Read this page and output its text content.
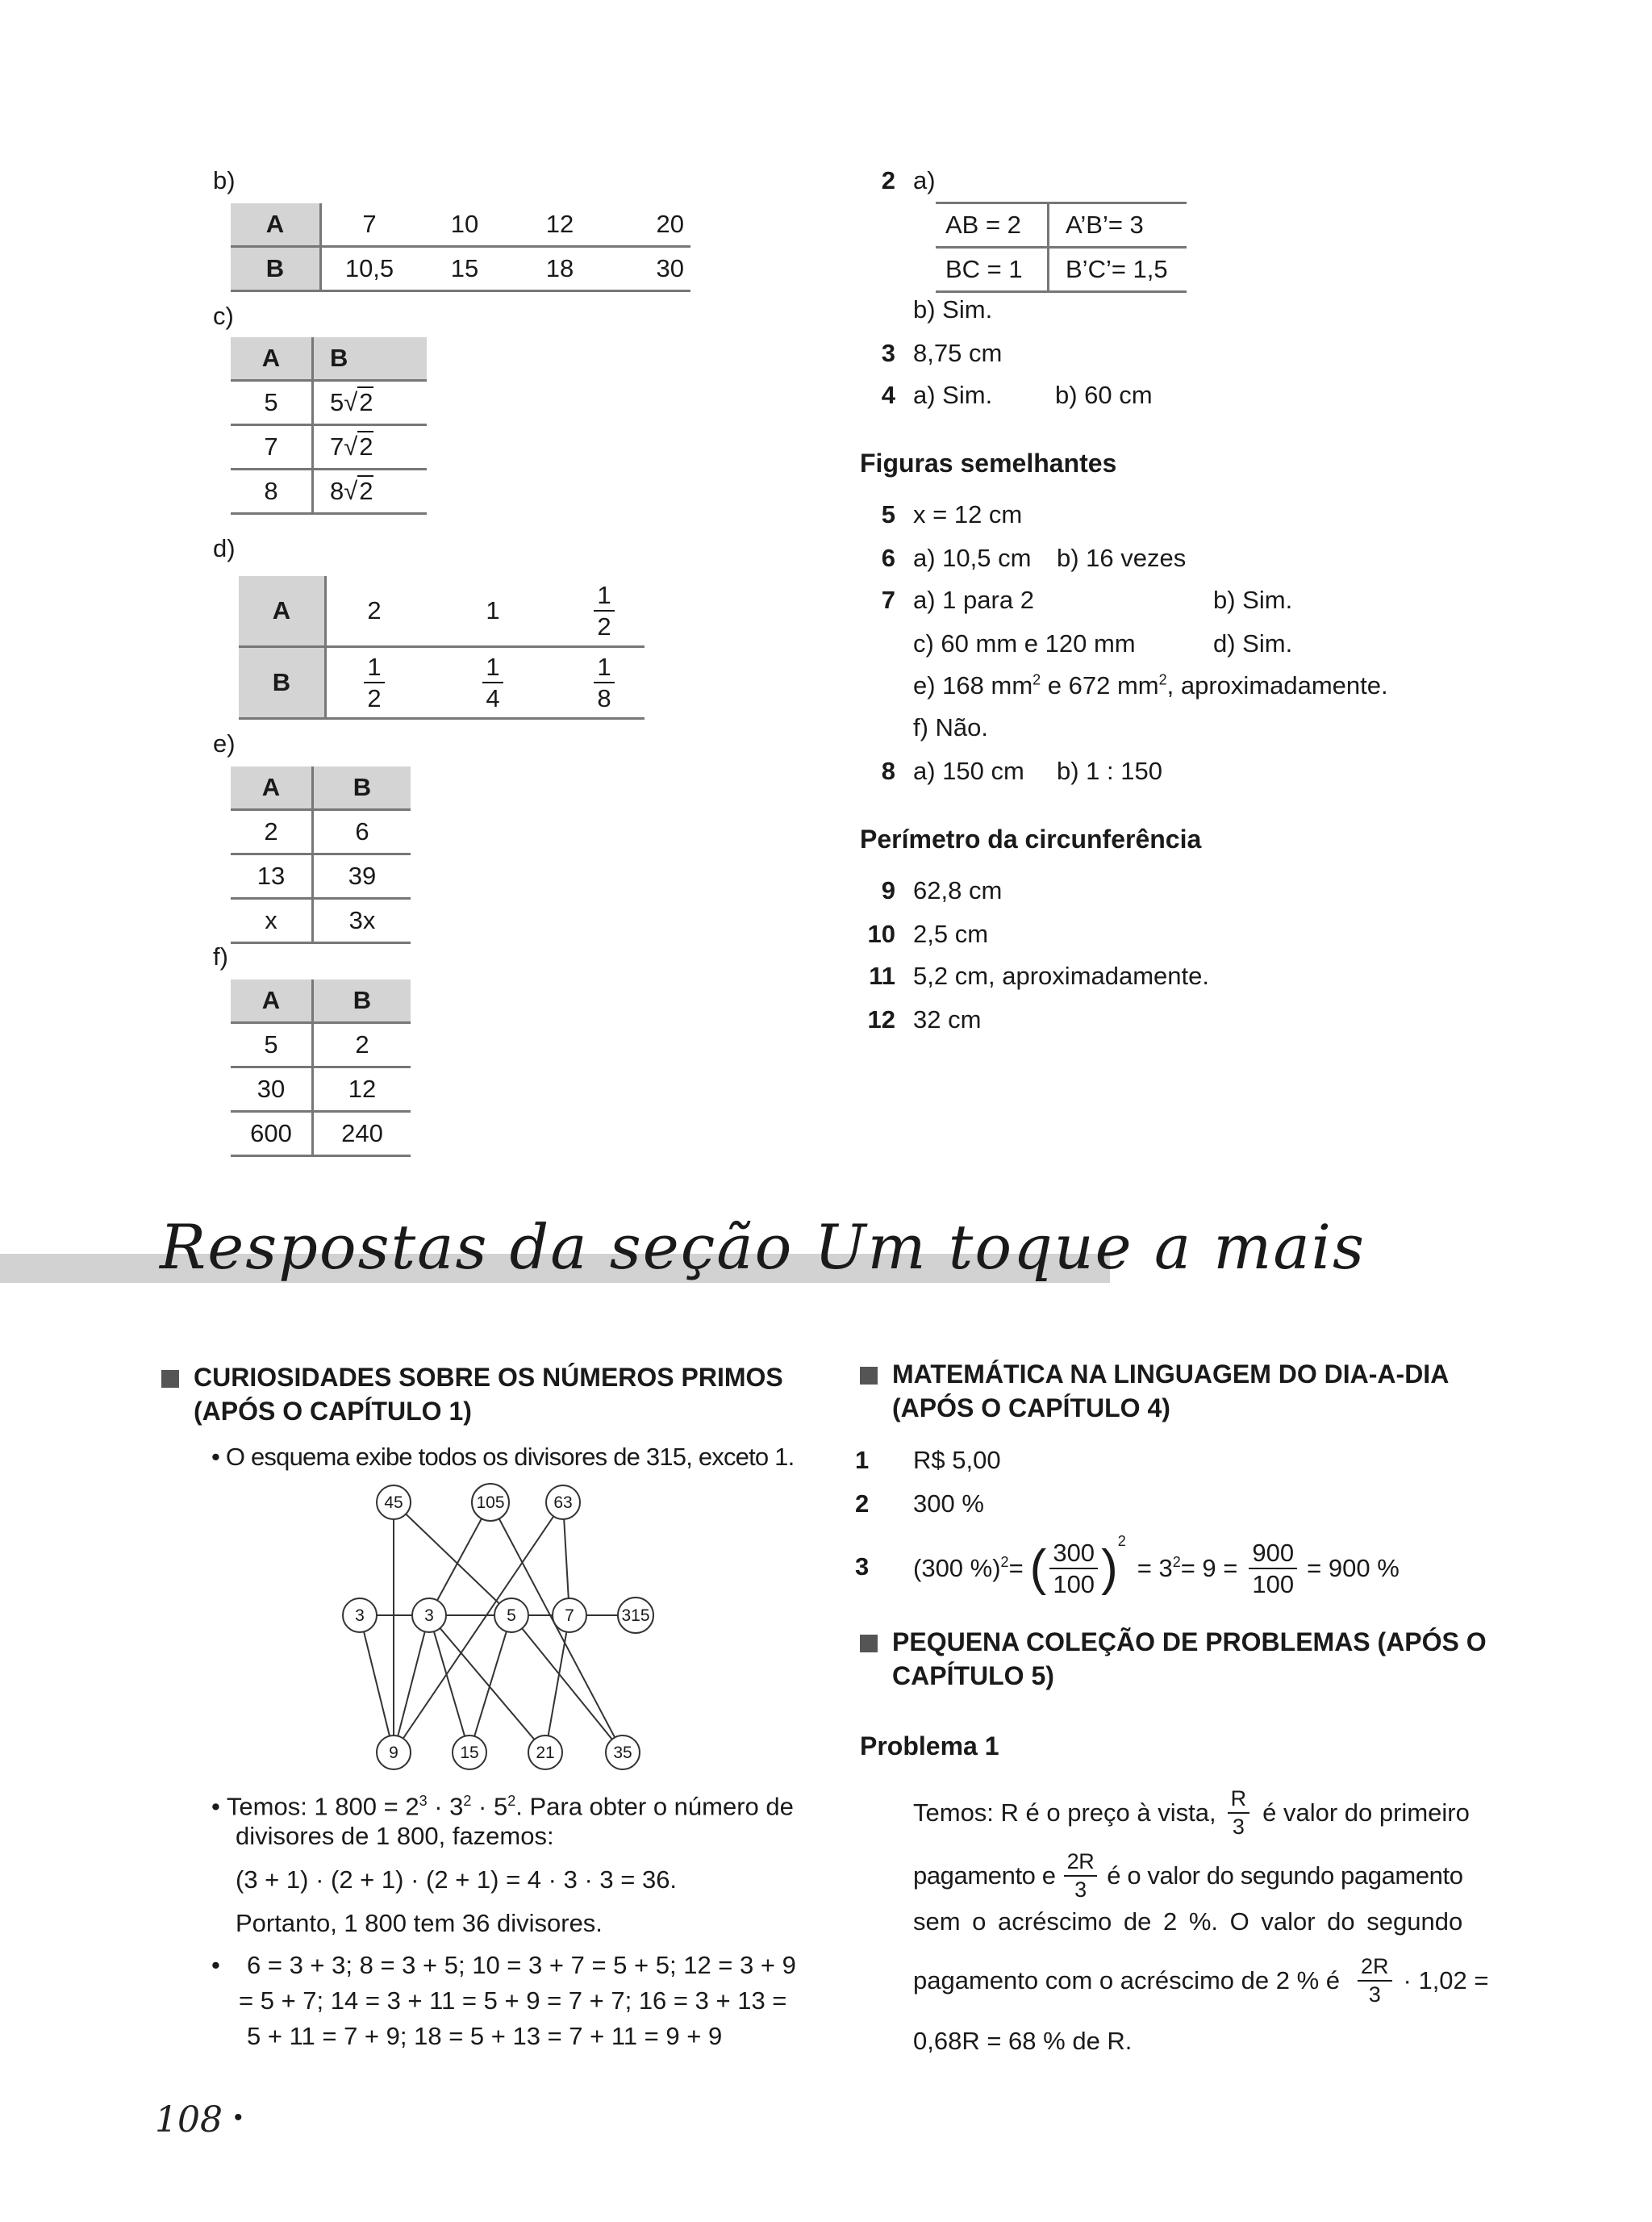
b)
A	7	10	12	20
B	10,5	15	18	30
c)
A	B
5	5√2
7	7√2
8	8√2
d)
A	2	1	$\frac{1}{2}$

B	$\frac{1}{2}$	$\frac{1}{4}$	$\frac{1}{8}$
e)
A	B
2	6
13	39
x	3x
f)
A	B
5	2
30	12
600	240
2 a)
AB = 2	A’B’= 3
BC = 1	B’C’= 1,5
b) Sim.
3 8,75 cm
4 a) Sim.	b) 60 cm
Figuras semelhantes
5 x = 12 cm
6 a) 10,5 cm b) 16 vezes
7 a) 1 para 2	b) Sim.
c) 60 mm e 120 mm	d) Sim.
e) 168 $mm^2$ e 672 $mm^2$, aproximadamente.
f) Não.
8 a) 150 cm b) 1 : 150
Perímetro da circunferência
9 62,8 cm
10 2,5 cm
11 5,2 cm, aproximadamente.
12 32 cm
Respostas da seção Um toque a mais
CURIOSIDADES SOBRE OS NÚMEROS PRIMOS
(APÓS O CAPÍTULO 1)
• O esquema exibe todos os divisores de 315, exceto 1.
45	105	63
3	3	5	7	315
9	15	21	35
• Temos: 1 $800 = 2^3 \cdot 3^2 \cdot 5^2$. Para obter o número de
divisores de 1 800, fazemos:
(3 + 1) · (2 + 1) · (2 + 1) = 4 · 3 · 3 = 36.
Portanto, 1 800 tem 36 divisores.
• 6 = 3 + 3; 8 = 3 + 5; 10 = 3 + 7 = 5 + 5; 12 = 3 + 9
= 5 + 7; 14 = 3 + 11 = 5 + 9 = 7 + 7; 16 = 3 + 13 =
5 + 11 = 7 + 9; 18 = 5 + 13 = 7 + 11 = 9 + 9
MATEMÁTICA NA LINGUAGEM DO DIA-A-DIA
(APÓS O CAPÍTULO 4)
1 R$ 5,00
2 300 %
3 (300 %)$^2$ = ( $\frac{300}{100} )^2$
= $3^2 = 9 = \frac{900}{100} = 900$ %
PEQUENA COLEÇÃO DE PROBLEMAS (APÓS O
CAPÍTULO 5)
Problema 1
Temos: R é o preço à vista, $\frac{R}{3}$ é valor do primeiro
pagamento e $\frac{2R}{3}$ é o valor do segundo pagamento
sem o acréscimo de 2 %. O valor do segundo
pagamento com o acréscimo de 2 % é $\frac{2R}{3} \cdot 1,02$ =
0,68R = 68 % de R.
108 •
